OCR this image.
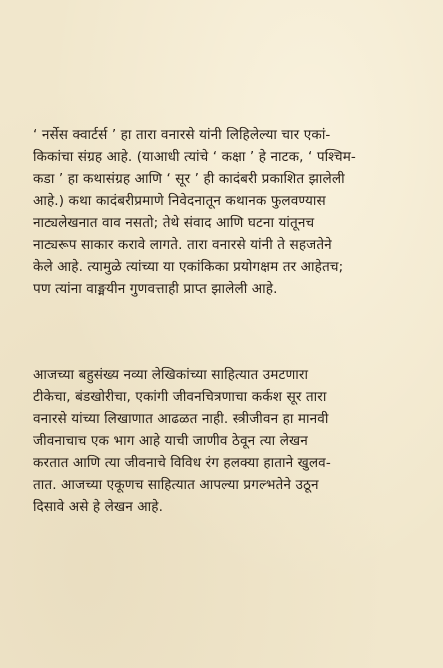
‘ नर्सेस क्वार्टर्स ’ हा तारा वनारसे यांनी लिहिलेल्या चार एकां-
किकांचा संग्रह आहे. (याआधी त्यांचे ‘ कक्षा ’ हे नाटक, ‘ पश्चिम-
कडा ’ हा कथासंग्रह आणि ‘ सूर ’ ही कादंबरी प्रकाशित झालेली
आहे.) कथा कादंबरीप्रमाणे निवेदनातून कथानक फुलवण्यास
नाट्यलेखनात वाव नसतो; तेथे संवाद आणि घटना यांतूनच
नाट्यरूप साकार करावे लागते. तारा वनारसे यांनी ते सहजतेने
केले आहे. त्यामुळे त्यांच्या या एकांकिका प्रयोगक्षम तर आहेतच;
पण त्यांना वाङ्मयीन गुणवत्ताही प्राप्त झालेली आहे.
आजच्या बहुसंख्य नव्या लेखिकांच्या साहित्यात उमटणारा
टीकेचा, बंडखोरीचा, एकांगी जीवनचित्रणाचा कर्कश सूर तारा
वनारसे यांच्या लिखाणात आढळत नाही. स्त्रीजीवन हा मानवी
जीवनाचाच एक भाग आहे याची जाणीव ठेवून त्या लेखन
करतात आणि त्या जीवनाचे विविध रंग हलक्या हाताने खुलव-
तात. आजच्या एकूणच साहित्यात आपल्या प्रगल्भतेने उठून
दिसावे असे हे लेखन आहे.
